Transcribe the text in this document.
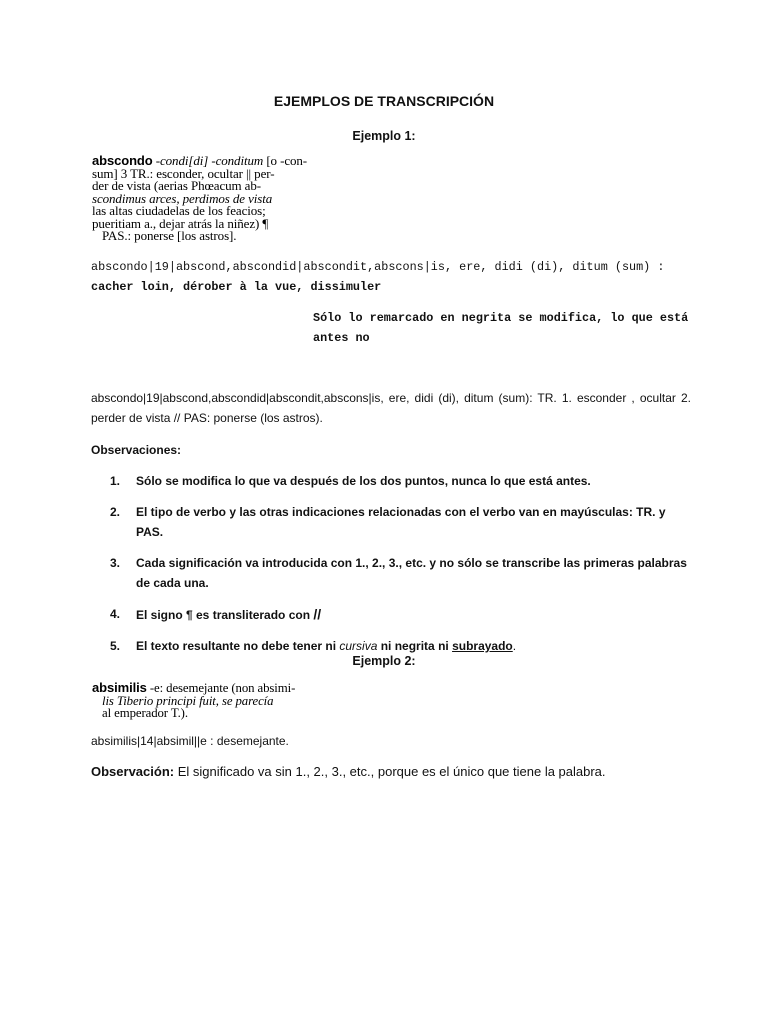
EJEMPLOS DE TRANSCRIPCIÓN
Ejemplo 1:
abscondo -condi[di] -conditum [o -con-
sum] 3 TR.: esconder, ocultar || per-
der de vista (aerias Phœacum ab-
scondimus arces, perdimos de vista
las altas ciudadelas de los feacios;
pueritiam a., dejar atrás la niñez) ¶
PAS.: ponerse [los astros].
abscondo|19|abscond,abscondid|abscondit,abscons|is, ere, didi (di), ditum (sum) : cacher loin, dérober à la vue, dissimuler
Sólo lo remarcado en negrita se modifica, lo que está antes no
abscondo|19|abscond,abscondid|abscondit,abscons|is, ere, didi (di), ditum (sum): TR. 1. esconder , ocultar 2. perder de vista // PAS: ponerse (los astros).
Observaciones:
1. Sólo se modifica lo que va después de los dos puntos, nunca lo que está antes.
2. El tipo de verbo y las otras indicaciones relacionadas con el verbo van en mayúsculas: TR. y PAS.
3. Cada significación va introducida con 1., 2., 3., etc. y no sólo se transcribe las primeras palabras de cada una.
4. El signo ¶ es transliterado con //
5. El texto resultante no debe tener ni cursiva ni negrita ni subrayado.
Ejemplo 2:
absimilis -e: desemejante (non absimi-
lis Tiberio principi fuit, se parecía
al emperador T.).
absimilis|14|absimil||e : desemejante.
Observación: El significado va sin 1., 2., 3., etc., porque es el único que tiene la palabra.
